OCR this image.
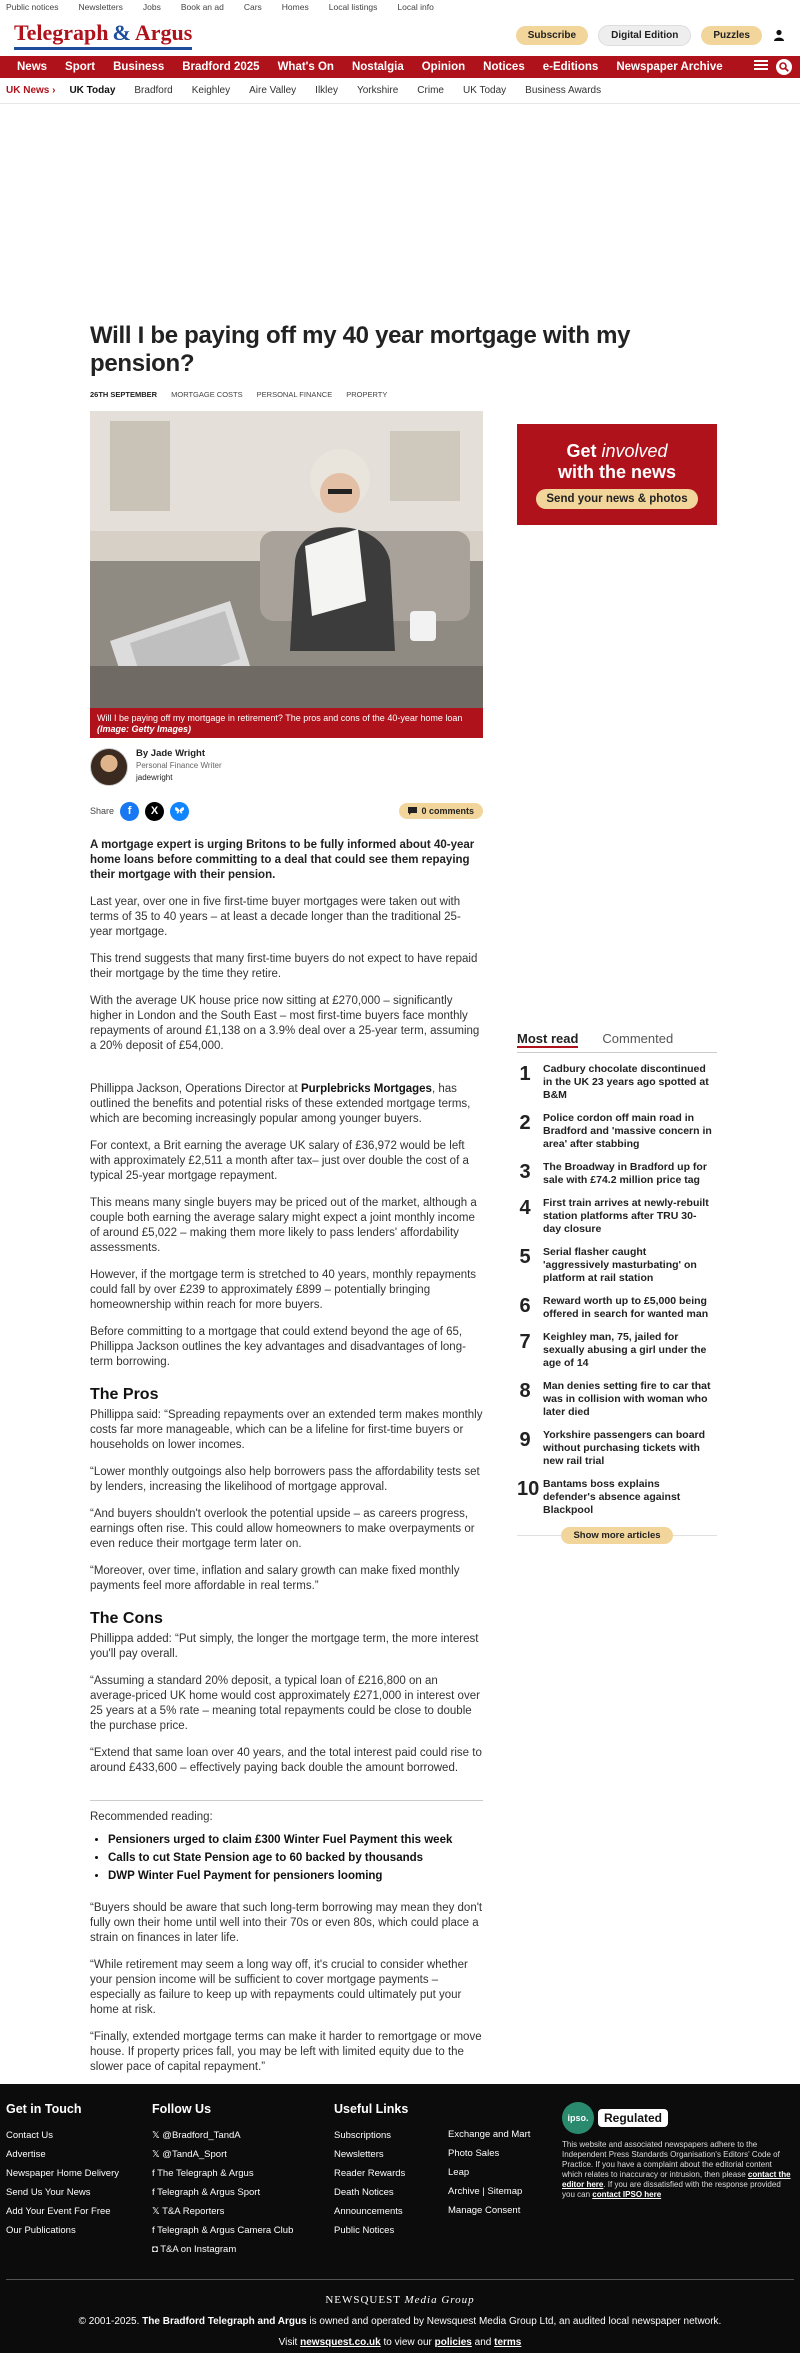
Public notices Newsletters Jobs Book an ad Cars Homes Local listings Local info
Telegraph & Argus	Subscribe	Digital Edition	Puzzles
News	Sport	Business	Bradford 2025	What's On	Nostalgia	Opinion	Notices	e-Editions	Newspaper Archive
UK News › UK Today Bradford Keighley Aire Valley Ilkley Yorkshire Crime UK Today Business Awards
Will I be paying off my 40 year mortgage with my pension?
26TH SEPTEMBER MORTGAGE COSTS PERSONAL FINANCE PROPERTY
Will I be paying off my mortgage in retirement? The pros and cons of the 40-year home loan (Image: Getty Images)
By Jade Wright
Personal Finance Writer
jadewright
Share	f	X	0 comments

A mortgage expert is urging Britons to be fully informed about 40-year home loans before committing to a deal that could see them repaying their mortgage with their pension.

Last year, over one in five first-time buyer mortgages were taken out with terms of 35 to 40 years – at least a decade longer than the traditional 25-year mortgage.

This trend suggests that many first-time buyers do not expect to have repaid their mortgage by the time they retire.

With the average UK house price now sitting at £270,000 – significantly higher in London and the South East – most first-time buyers face monthly repayments of around £1,138 on a 3.9% deal over a 25-year term, assuming a 20% deposit of £54,000.

Phillippa Jackson, Operations Director at Purplebricks Mortgages, has outlined the benefits and potential risks of these extended mortgage terms, which are becoming increasingly popular among younger buyers.

For context, a Brit earning the average UK salary of £36,972 would be left with approximately £2,511 a month after tax– just over double the cost of a typical 25-year mortgage repayment.

This means many single buyers may be priced out of the market, although a couple both earning the average salary might expect a joint monthly income of around £5,022 – making them more likely to pass lenders' affordability assessments.

However, if the mortgage term is stretched to 40 years, monthly repayments could fall by over £239 to approximately £899 – potentially bringing homeownership within reach for more buyers.

Before committing to a mortgage that could extend beyond the age of 65, Phillippa Jackson outlines the key advantages and disadvantages of long-term borrowing.

The Pros

Phillippa said: “Spreading repayments over an extended term makes monthly costs far more manageable, which can be a lifeline for first-time buyers or households on lower incomes.

“Lower monthly outgoings also help borrowers pass the affordability tests set by lenders, increasing the likelihood of mortgage approval.

“And buyers shouldn't overlook the potential upside – as careers progress, earnings often rise. This could allow homeowners to make overpayments or even reduce their mortgage term later on.

“Moreover, over time, inflation and salary growth can make fixed monthly payments feel more affordable in real terms.”

The Cons

Phillippa added: “Put simply, the longer the mortgage term, the more interest you'll pay overall.

“Assuming a standard 20% deposit, a typical loan of £216,800 on an average-priced UK home would cost approximately £271,000 in interest over 25 years at a 5% rate – meaning total repayments could be close to double the purchase price.

“Extend that same loan over 40 years, and the total interest paid could rise to around £433,600 – effectively paying back double the amount borrowed.

Recommended reading:
• Pensioners urged to claim £300 Winter Fuel Payment this week
• Calls to cut State Pension age to 60 backed by thousands
• DWP Winter Fuel Payment for pensioners looming

“Buyers should be aware that such long-term borrowing may mean they don't fully own their home until well into their 70s or even 80s, which could place a strain on finances in later life.

“While retirement may seem a long way off, it's crucial to consider whether your pension income will be sufficient to cover mortgage payments – especially as failure to keep up with repayments could ultimately put your home at risk.

“Finally, extended mortgage terms can make it harder to remortgage or move house. If property prices fall, you may be left with limited equity due to the slower pace of capital repayment.”

Get involved
with the news
Send your news & photos
Most read Commented
1 Cadbury chocolate discontinued in the UK 23 years ago spotted at B&M
2 Police cordon off main road in Bradford and 'massive concern in area' after stabbing
3 The Broadway in Bradford up for sale with £74.2 million price tag
4 First train arrives at newly-rebuilt station platforms after TRU 30-day closure
5 Serial flasher caught 'aggressively masturbating' on platform at rail station
6 Reward worth up to £5,000 being offered in search for wanted man
7 Keighley man, 75, jailed for sexually abusing a girl under the age of 14
8 Man denies setting fire to car that was in collision with woman who later died
9 Yorkshire passengers can board without purchasing tickets with new rail trial
10 Bantams boss explains defender's absence against Blackpool
Show more articles
Get in Touch
Contact Us
Advertise
Newspaper Home Delivery
Send Us Your News
Add Your Event For Free
Our Publications
Follow Us
𝕏 @Bradford_TandA
𝕏 @TandA_Sport
f The Telegraph & Argus
f Telegraph & Argus Sport
𝕏 T&A Reporters
f Telegraph & Argus Camera Club
◘ T&A on Instagram
Useful Links
Subscriptions
Newsletters
Reader Rewards
Death Notices
Announcements
Public Notices
Exchange and Mart
Photo Sales
Leap
Archive | Sitemap
Manage Consent
ipso.	Regulated

This website and associated newspapers adhere to the Independent Press Standards Organisation's Editors' Code of Practice. If you have a complaint about the editorial content which relates to inaccuracy or intrusion, then please contact the editor here. If you are dissatisfied with the response provided you can contact IPSO here

NEWSQUEST Media Group
© 2001-2025. The Bradford Telegraph and Argus is owned and operated by Newsquest Media Group Ltd, an audited local newspaper network.
Visit newsquest.co.uk to view our policies and terms
The Echo Building, 18 Albert Road, Bournemouth, England BH1 1BZ. Registered in England & Wales | 01676637
